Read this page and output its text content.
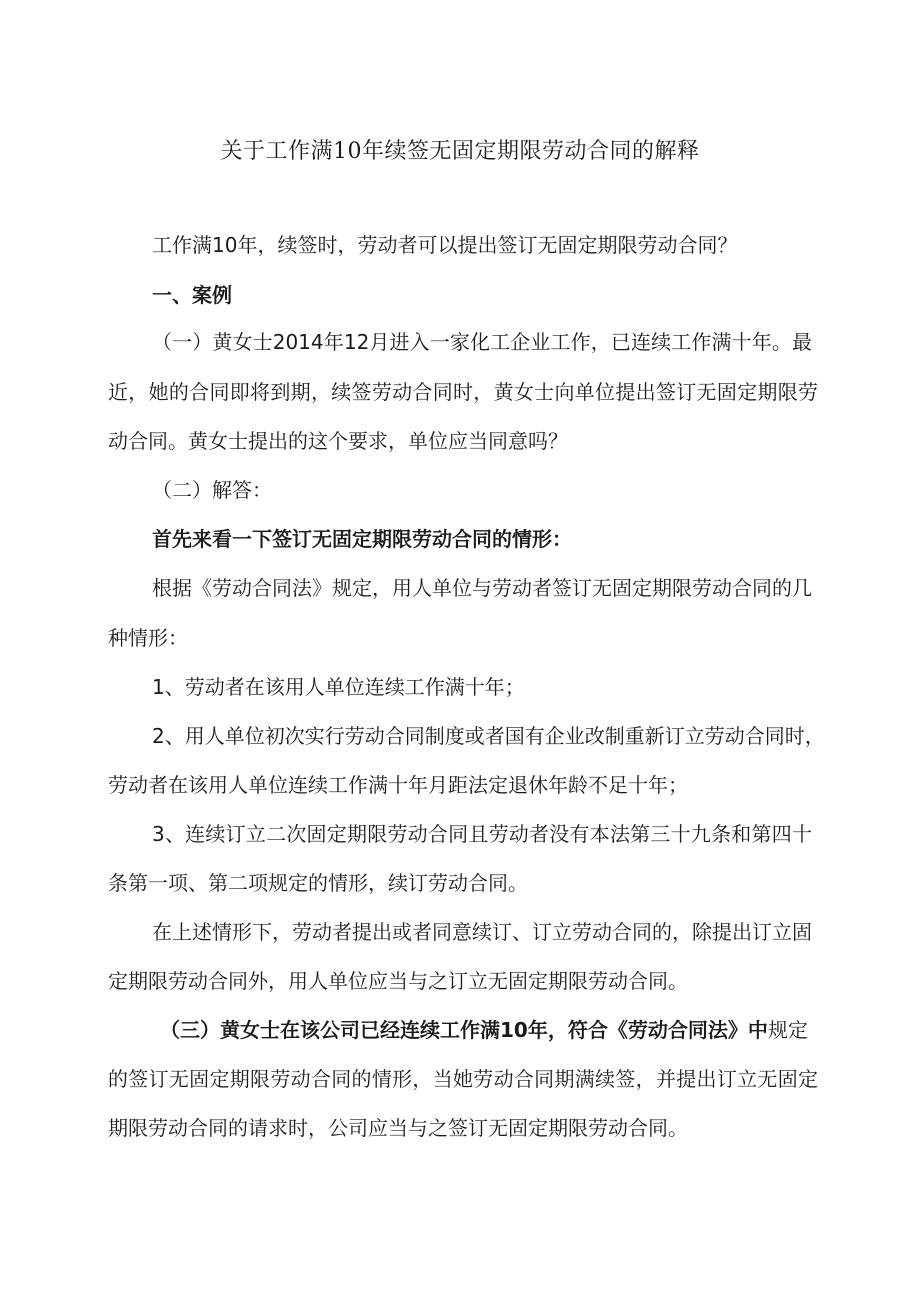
关于工作满10年续签无固定期限劳动合同的解释

工作满10年，续签时，劳动者可以提出签订无固定期限劳动合同？

一、案例

（一）黄女士2014年12月进入一家化工企业工作，已连续工作满十年。最

近，她的合同即将到期，续签劳动合同时，黄女士向单位提出签订无固定期限劳

动合同。黄女士提出的这个要求，单位应当同意吗？

（二）解答：

首先来看一下签订无固定期限劳动合同的情形：

根据《劳动合同法》规定，用人单位与劳动者签订无固定期限劳动合同的几

种情形：

1、劳动者在该用人单位连续工作满十年；

2、用人单位初次实行劳动合同制度或者国有企业改制重新订立劳动合同时，

劳动者在该用人单位连续工作满十年月距法定退休年龄不足十年；

3、连续订立二次固定期限劳动合同且劳动者没有本法第三十九条和第四十

条第一项、第二项规定的情形，续订劳动合同。

在上述情形下，劳动者提出或者同意续订、订立劳动合同的，除提出订立固

定期限劳动合同外，用人单位应当与之订立无固定期限劳动合同。

（三）黄女士在该公司已经连续工作满10年，符合《劳动合同法》中规定

的签订无固定期限劳动合同的情形，当她劳动合同期满续签，并提出订立无固定

期限劳动合同的请求时，公司应当与之签订无固定期限劳动合同。
